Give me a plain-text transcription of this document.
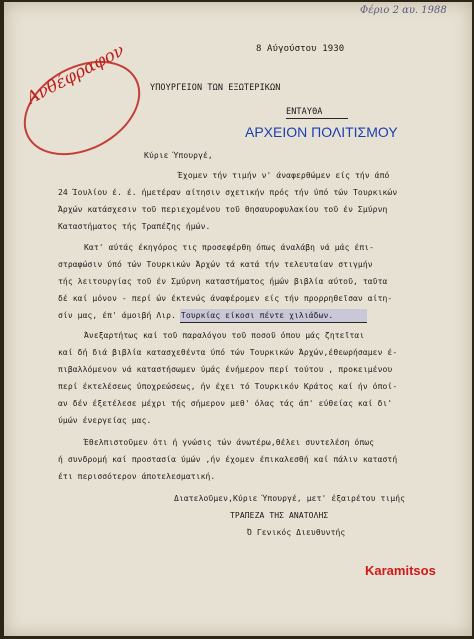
Φέριο 2 αυ. 1988
8 Αύγούστου 1930
Ανθέφραφον	ΥΠΟΥΡΓΕΙΟΝ ΤΩΝ ΕΞΩΤΕΡΙΚΩΝ
ΕΝΤΑΥΘΑ
ΑΡΧΕΙΟΝ ΠΟΛΙΤΙΣΜΟΥ
Κύριε Ύπουργέ,
Έχομεν τήν τιμήν ν' άναφερθώμεν είς τήν άπό
24 Ίουλίου έ. έ. ήμετέραν αίτησιν σχετικήν πρός τήν ύπό τών Τουρκικών
Άρχών κατάσχεσιν τοῦ περιεχομένου τοῦ θησαυροφυλακίου τοῦ έν Σμύρνη
Καταστήματος τής Τραπέζης ήμών.
Κατ' αύτάς έκηγόρος τις προσεφέρθη όπως άναλάβη νά μάς έπι-
στραφώσιν ύπό τών Τουρκικών Άρχών τά κατά τήν τελευταίαν στιγμήν
τής λειτουργίας τοῦ έν Σμύρνη καταστήματος ήμών βιβλία αύτοῦ, ταῦτα
δέ καί μόνον - περί ών έκτενώς άναφέρομεν είς τήν προρρηθεῖσαν αίτη-
σίν μας, έπ' άμοιβή Λιρ. Τουρκίας είκοσι πέντε χιλιάδων.
Άνεξαρτήτως καί τοῦ παραλόγου τοῦ ποσοῦ όπου μάς ζητεῖται
καί δή διά βιβλία κατασχεθέντα ύπό τών Τουρκικών Άρχών,έθεωρήσαμεν έ-
πιβαλλόμενον νά καταστήσωμεν ύμάς ένήμερον περί τούτου , προκειμένου
περί έκτελέσεως ύποχρεώσεως, ήν έχει τό Τουρκικόν Κράτος καί ήν όποί-
αν δέν έξετέλεσε μέχρι τής σήμερον μεθ' όλας τάς άπ' εύθείας καί δι'
ύμών ένεργείας μας.
Έθελπιστοῦμεν ότι ή γνώσις τών άνωτέρω,θέλει συντελέση όπως
ή συνδρομή καί προστασία ύμών ,ήν έχομεν έπικαλεσθή καί πάλιν καταστή
έτι περισσότερον άποτελεσματική.
Διατελοῦμεν,Κύριε Ύπουργέ, μετ' έξαιρέτου τιμής
ΤΡΑΠΕΖΑ ΤΗΣ ΑΝΑΤΟΛΗΣ
Ό Γενικός Διευθυντής
Karamitsos
